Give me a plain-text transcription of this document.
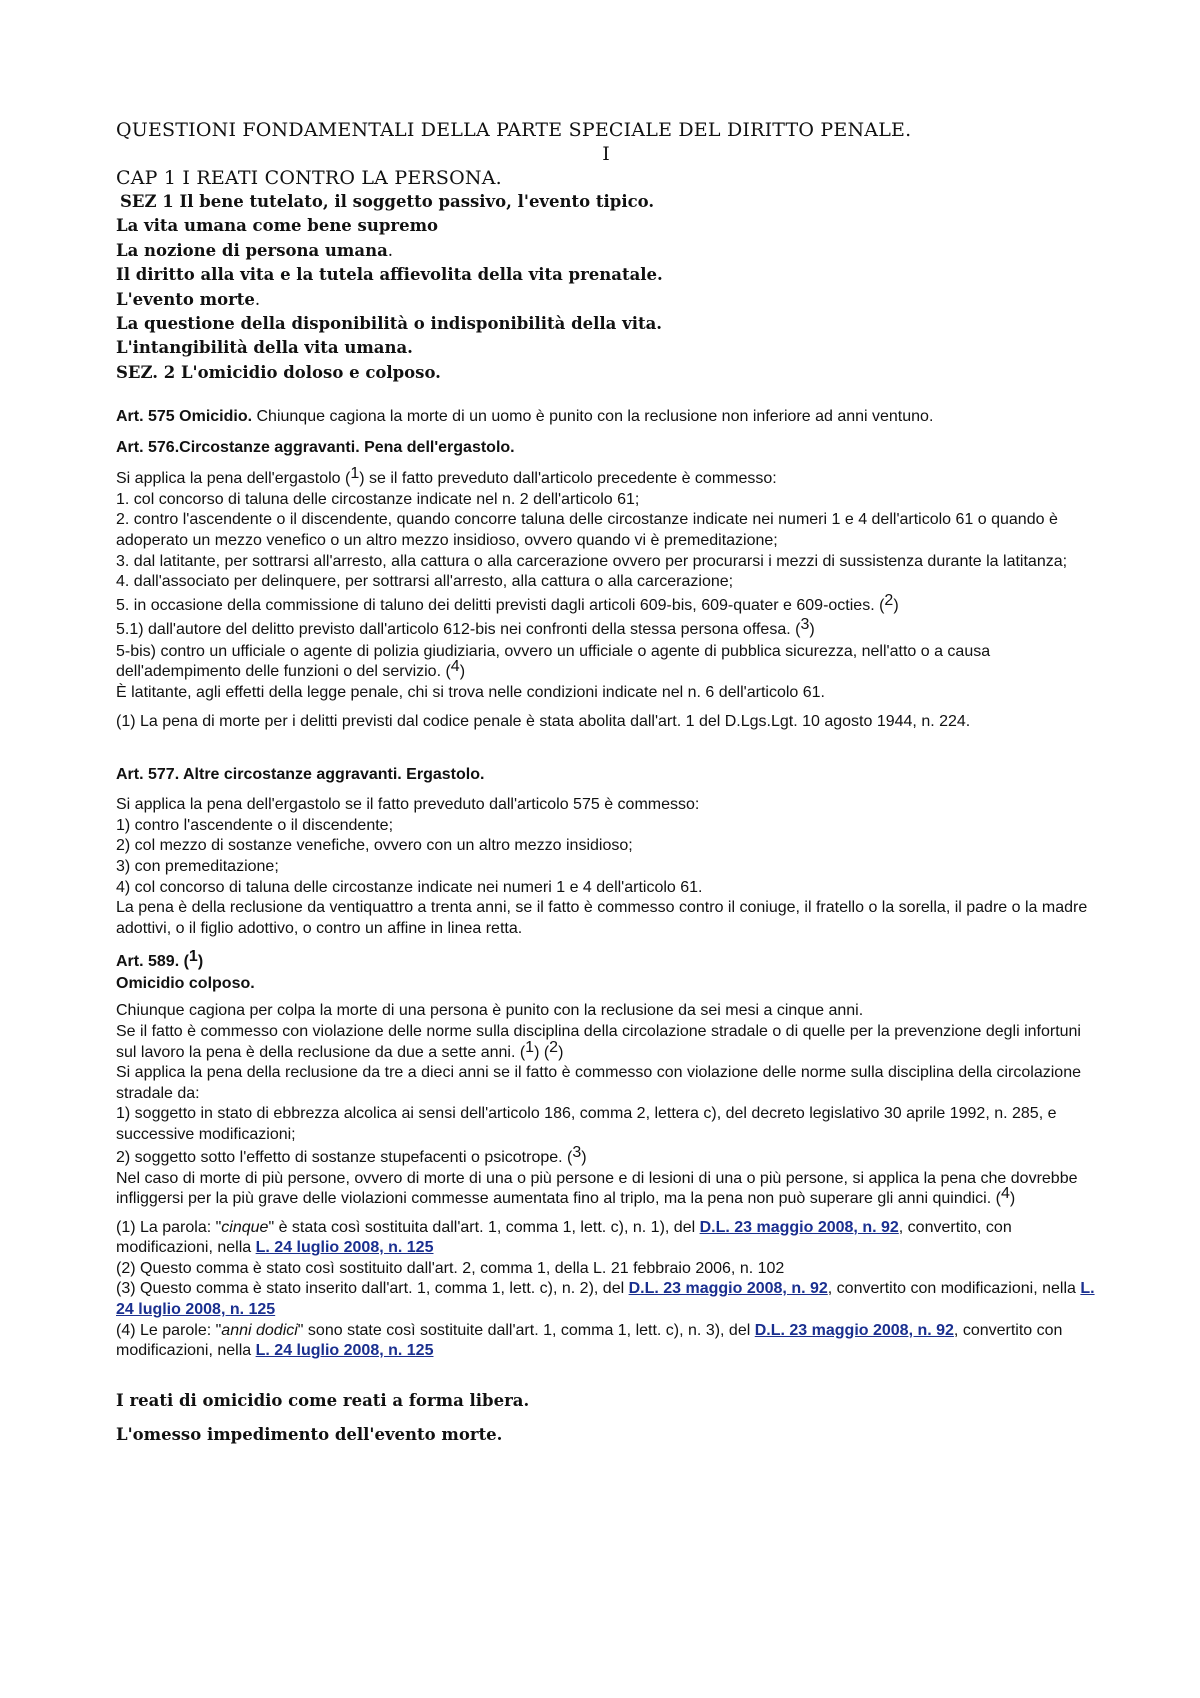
QUESTIONI FONDAMENTALI DELLA PARTE SPECIALE DEL DIRITTO PENALE.

I

CAP 1 I REATI CONTRO LA PERSONA.

SEZ 1 Il bene tutelato, il soggetto passivo, l'evento tipico.

La vita umana come bene supremo

La nozione di persona umana.

Il diritto alla vita e la tutela affievolita della vita prenatale.

L'evento morte.

La questione della disponibilità o indisponibilità della vita.

L'intangibilità della vita umana.

SEZ. 2 L'omicidio doloso e colposo.

Art. 575 Omicidio. Chiunque cagiona la morte di un uomo è punito con la reclusione non inferiore ad anni ventuno.

Art. 576.Circostanze aggravanti. Pena dell'ergastolo.

Si applica la pena dell'ergastolo (1) se il fatto preveduto dall'articolo precedente è commesso:
1. col concorso di taluna delle circostanze indicate nel n. 2 dell'articolo 61;
2. contro l'ascendente o il discendente, quando concorre taluna delle circostanze indicate nei numeri 1 e 4 dell'articolo 61 o quando è adoperato un mezzo venefico o un altro mezzo insidioso, ovvero quando vi è premeditazione;
3. dal latitante, per sottrarsi all'arresto, alla cattura o alla carcerazione ovvero per procurarsi i mezzi di sussistenza durante la latitanza;
4. dall'associato per delinquere, per sottrarsi all'arresto, alla cattura o alla carcerazione;
5. in occasione della commissione di taluno dei delitti previsti dagli articoli 609-bis, 609-quater e 609-octies. (2)
5.1) dall'autore del delitto previsto dall'articolo 612-bis nei confronti della stessa persona offesa. (3)
5-bis) contro un ufficiale o agente di polizia giudiziaria, ovvero un ufficiale o agente di pubblica sicurezza, nell'atto o a causa dell'adempimento delle funzioni o del servizio. (4)
È latitante, agli effetti della legge penale, chi si trova nelle condizioni indicate nel n. 6 dell'articolo 61.
(1) La pena di morte per i delitti previsti dal codice penale è stata abolita dall'art. 1 del D.Lgs.Lgt. 10 agosto 1944, n. 224.

Art. 577. Altre circostanze aggravanti. Ergastolo.

Si applica la pena dell'ergastolo se il fatto preveduto dall'articolo 575 è commesso:
1) contro l'ascendente o il discendente;
2) col mezzo di sostanze venefiche, ovvero con un altro mezzo insidioso;
3) con premeditazione;
4) col concorso di taluna delle circostanze indicate nei numeri 1 e 4 dell'articolo 61.
La pena è della reclusione da ventiquattro a trenta anni, se il fatto è commesso contro il coniuge, il fratello o la sorella, il padre o la madre adottivi, o il figlio adottivo, o contro un affine in linea retta.

Art. 589. (1)

Omicidio colposo.

Chiunque cagiona per colpa la morte di una persona è punito con la reclusione da sei mesi a cinque anni.
Se il fatto è commesso con violazione delle norme sulla disciplina della circolazione stradale o di quelle per la prevenzione degli infortuni sul lavoro la pena è della reclusione da due a sette anni. (1) (2)
Si applica la pena della reclusione da tre a dieci anni se il fatto è commesso con violazione delle norme sulla disciplina della circolazione stradale da:
1) soggetto in stato di ebbrezza alcolica ai sensi dell'articolo 186, comma 2, lettera c), del decreto legislativo 30 aprile 1992, n. 285, e successive modificazioni;
2) soggetto sotto l'effetto di sostanze stupefacenti o psicotrope. (3)
Nel caso di morte di più persone, ovvero di morte di una o più persone e di lesioni di una o più persone, si applica la pena che dovrebbe infliggersi per la più grave delle violazioni commesse aumentata fino al triplo, ma la pena non può superare gli anni quindici. (4)
(1) La parola: "cinque" è stata così sostituita dall'art. 1, comma 1, lett. c), n. 1), del D.L. 23 maggio 2008, n. 92, convertito, con modificazioni, nella L. 24 luglio 2008, n. 125
(2) Questo comma è stato così sostituito dall'art. 2, comma 1, della L. 21 febbraio 2006, n. 102
(3) Questo comma è stato inserito dall'art. 1, comma 1, lett. c), n. 2), del D.L. 23 maggio 2008, n. 92, convertito con modificazioni, nella L. 24 luglio 2008, n. 125
(4) Le parole: "anni dodici" sono state così sostituite dall'art. 1, comma 1, lett. c), n. 3), del D.L. 23 maggio 2008, n. 92, convertito con modificazioni, nella L. 24 luglio 2008, n. 125

I reati di omicidio come reati a forma libera.

L'omesso impedimento dell'evento morte.
